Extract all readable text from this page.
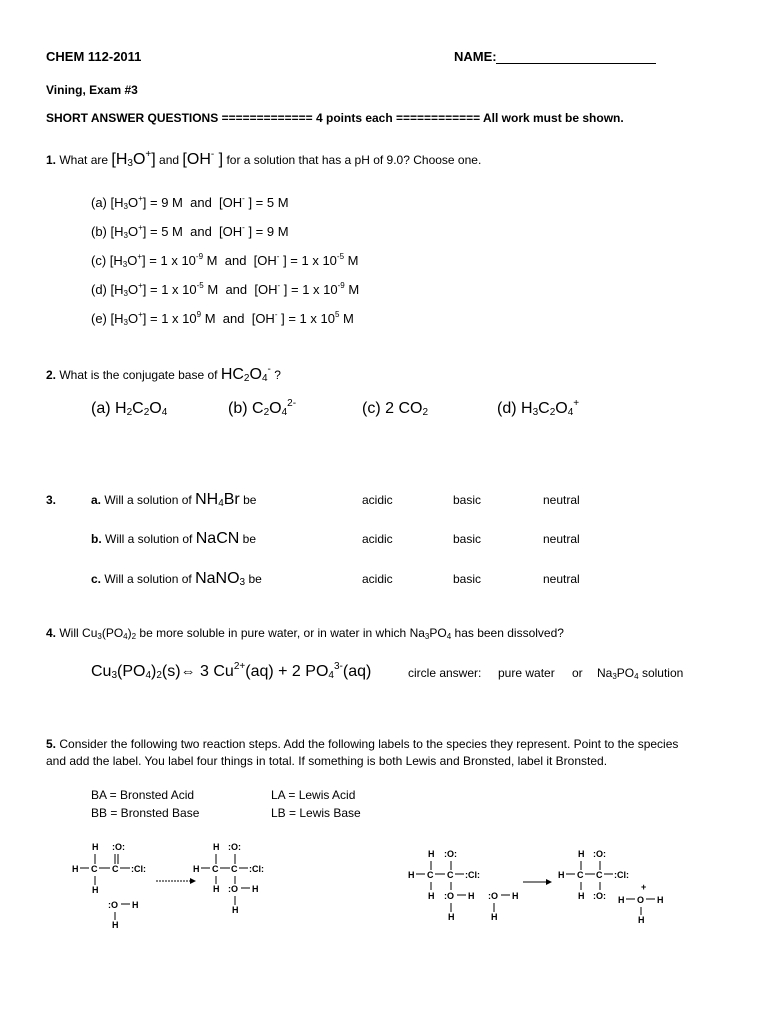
CHEM 112-2011	NAME:
Vining, Exam #3
SHORT ANSWER QUESTIONS ============= 4 points each ============ All work must be shown.
1. What are $[H_3O^+]$ and [OH- ] for a solution that has a pH of 9.0? Choose one.
(a) $[H_3O^+] = 9$ M and  [OH- ] = 5 M
(b) $[H_3O^+] = 5$ M and  [OH- ] = 9 M
(c) $[H_3O^+] = 1$ x $10^{-9}$ M and  [OH- ] = 1 x $10^{-5}$ M
(d) $[H_3O^+] = 1$ x $10^{-5}$ M and  [OH- ] = 1 x $10^{-9}$ M
(e) $[H_3O^+] = 1$ x $10^9$ M and  [OH- ] = 1 x $10^5$ M
2. What is the conjugate base of $HC_2O_4^-$ ?
(a) $H_2C_2O_4$	(b) $C_2O_4^{2-}$	(c) 2 $CO_2$	(d) $H_3C_2O_4^+$
3.	a. Will a solution of $NH_4Br$ be	acidic	basic	neutral
b. Will a solution of NaCN be	acidic	basic	neutral
c. Will a solution of NaNO$_3$ be	acidic	basic	neutral
4. Will $Cu_3(PO_4)_2$ be more soluble in pure water, or in water in which $Na_3PO_4$ has been dissolved?
$Cu_3(PO_4)_2(s)\Leftrightarrow$ 3 $Cu^{2+}(aq) + 2$ $PO_4^{3-}(aq)$	circle answer: pure water or $Na_3PO_4$ solution
5. Consider the following two reaction steps. Add the following labels to the species they represent. Point to the species
and add the label. You label four things in total. If something is both Lewis and Bronsted, label it Bronsted.
BA = Bronsted Acid
BB = Bronsted Base
LA = Lewis Acid
LB = Lewis Base
H :O:
H C C :Cl:
H
:O H
H
H :O:
H C C :Cl:
H :O H
H
H :O:
H C C :Cl:
H :O H
H
:O H
H
H :O:
H C C :Cl:
H :O:
+
H O H
H
